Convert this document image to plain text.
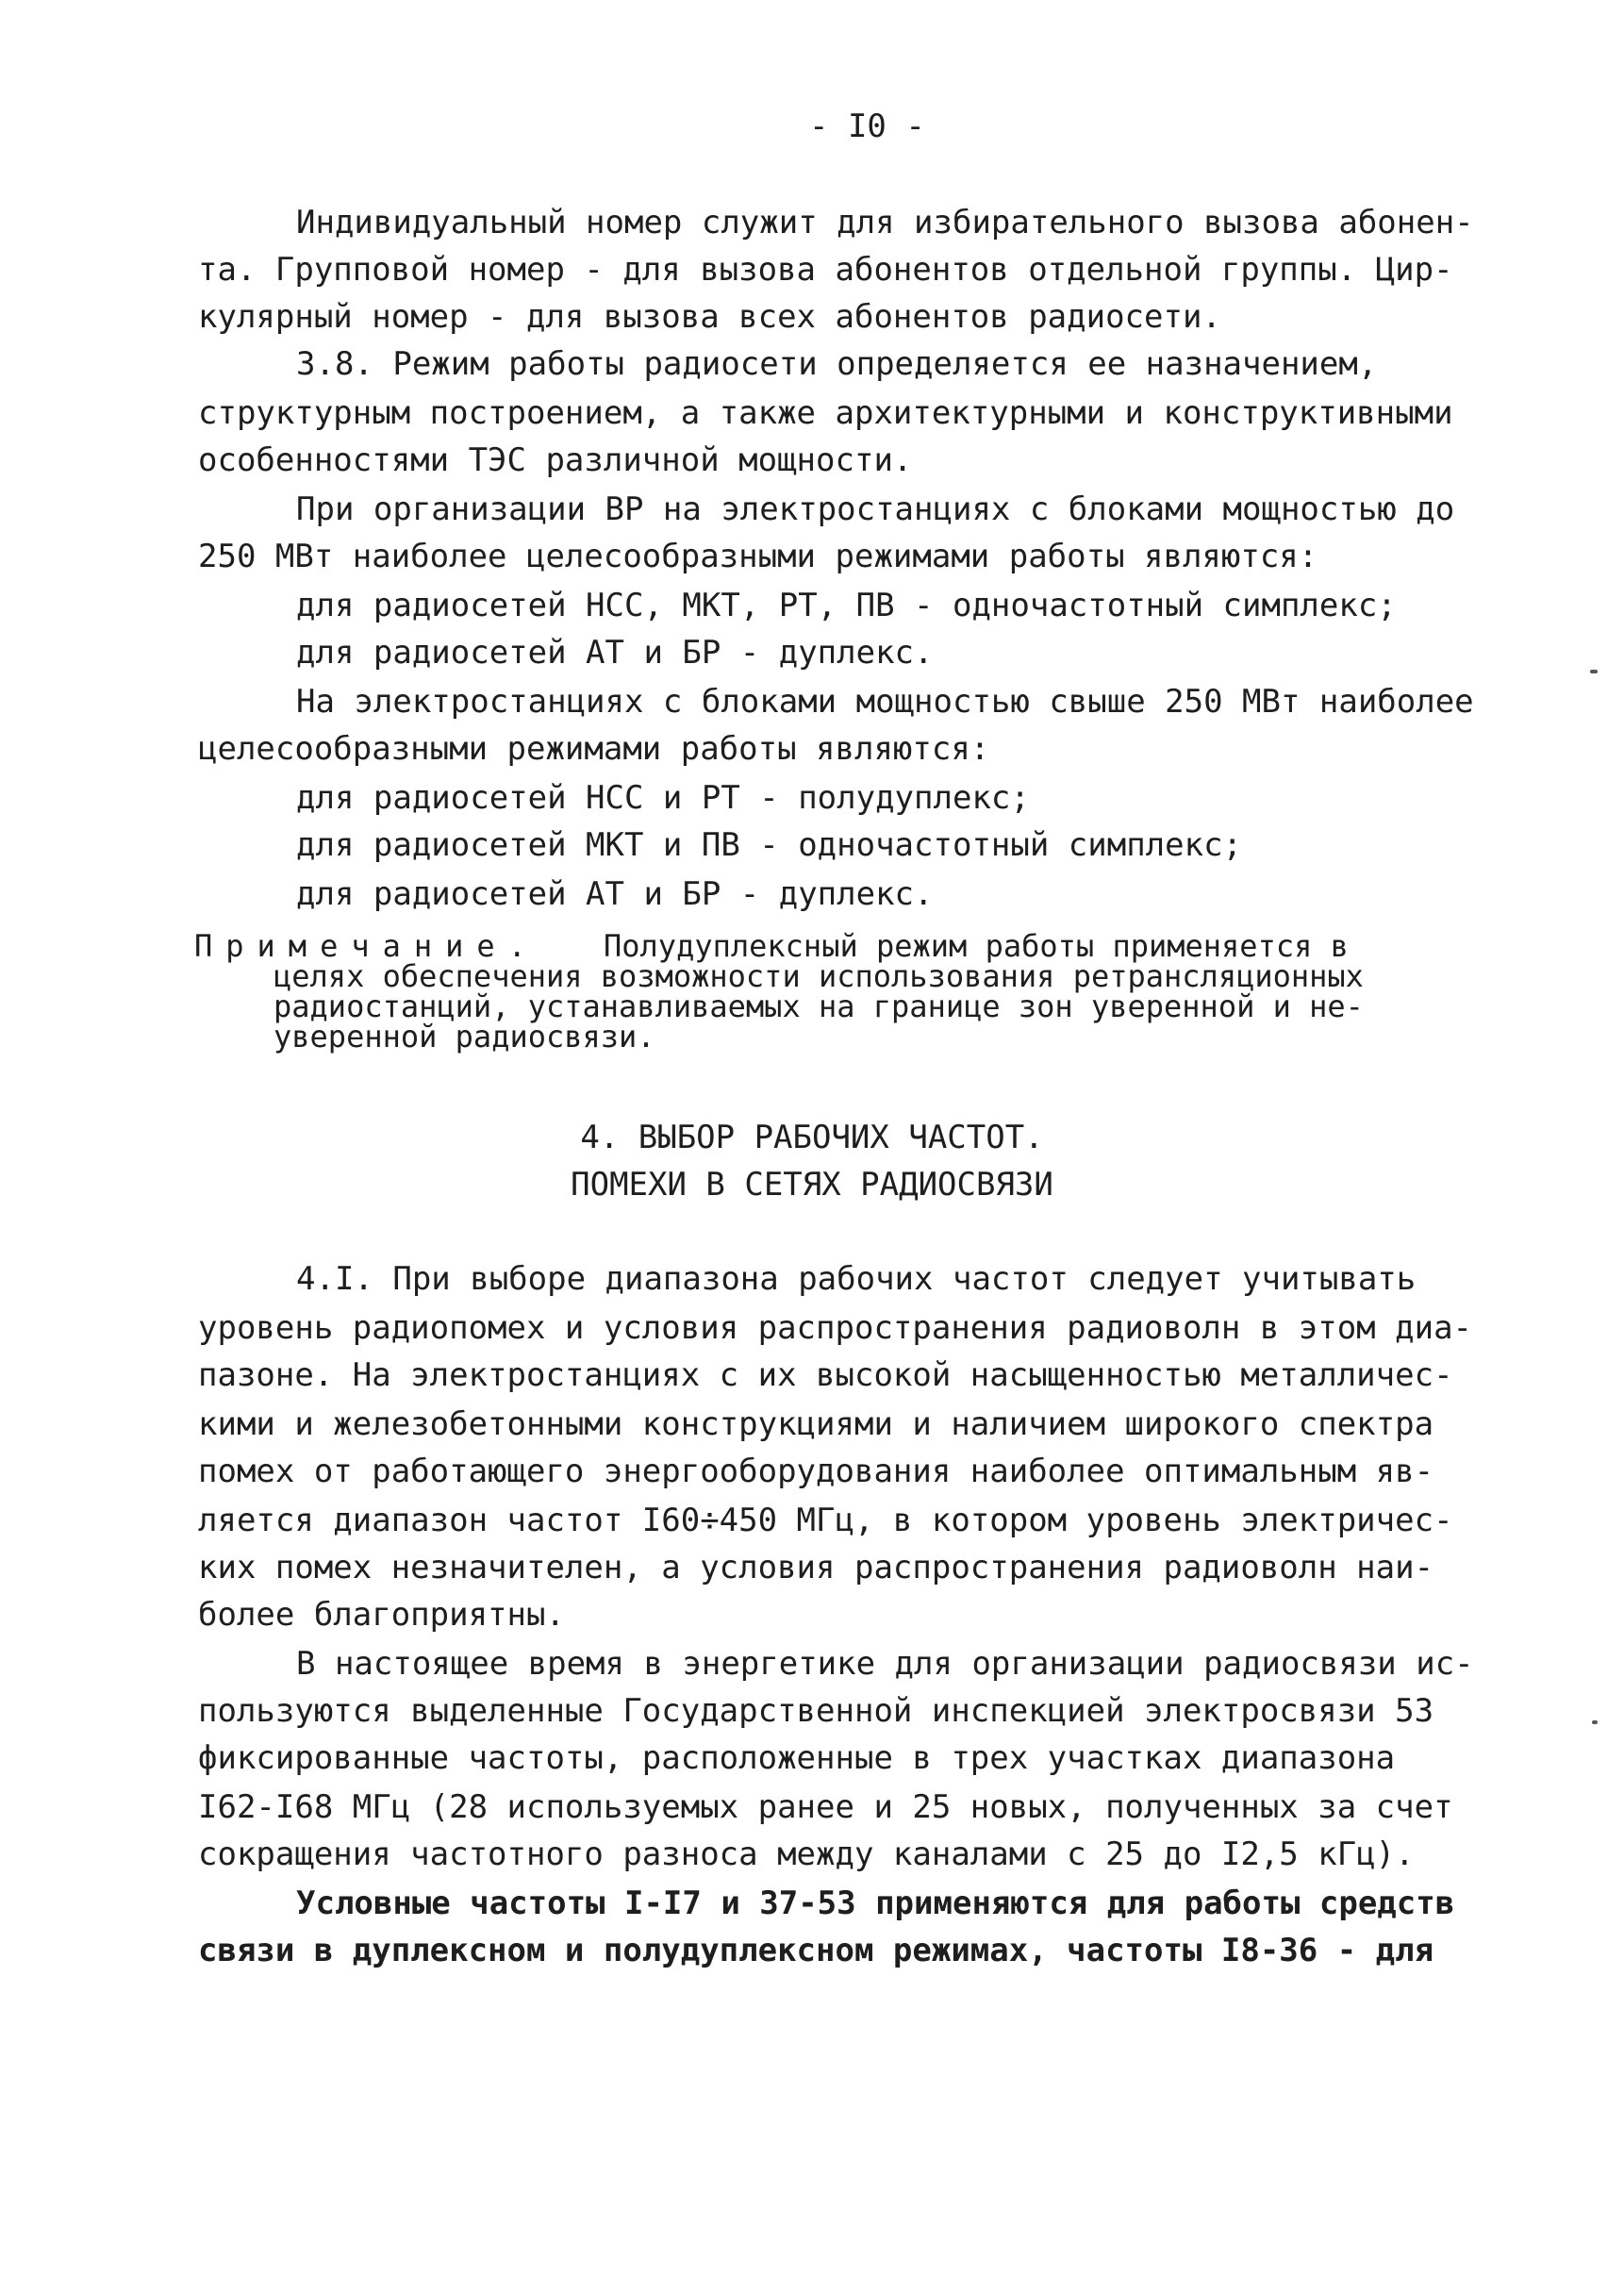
- I0 -
Индивидуальный номер служит для избирательного вызова абонен-
та. Групповой номер - для вызова абонентов отдельной группы. Цир-
кулярный номер - для вызова всех абонентов радиосети.
3.8. Режим работы радиосети определяется ее назначением,
структурным построением, а также архитектурными и конструктивными
особенностями ТЭС различной мощности.
При организации ВР на электростанциях с блоками мощностью до
250 МВт наиболее целесообразными режимами работы являются:
для радиосетей НСС, МКТ, РТ, ПВ - одночастотный симплекс;
для радиосетей АТ и БР - дуплекс.
На электростанциях с блоками мощностью свыше 250 МВт наиболее
целесообразными режимами работы являются:
для радиосетей НСС и РТ - полудуплекс;
для радиосетей МКТ и ПВ - одночастотный симплекс;
для радиосетей АТ и БР - дуплекс.
Примечание. Полудуплексный режим работы применяется в
целях обеспечения возможности использования ретрансляционных
радиостанций, устанавливаемых на границе зон уверенной и не-
уверенной радиосвязи.
4. ВЫБОР РАБОЧИХ ЧАСТОТ.
ПОМЕХИ В СЕТЯХ РАДИОСВЯЗИ
4.I. При выборе диапазона рабочих частот следует учитывать
уровень радиопомех и условия распространения радиоволн в этом диа-
пазоне. На электростанциях с их высокой насыщенностью металличес-
кими и железобетонными конструкциями и наличием широкого спектра
помех от работающего энергооборудования наиболее оптимальным яв-
ляется диапазон частот I60÷450 МГц, в котором уровень электричес-
ких помех незначителен, а условия распространения радиоволн наи-
более благоприятны.
В настоящее время в энергетике для организации радиосвязи ис-
пользуются выделенные Государственной инспекцией электросвязи 53
фиксированные частоты, расположенные в трех участках диапазона
I62-I68 МГц (28 используемых ранее и 25 новых, полученных за счет
сокращения частотного разноса между каналами с 25 до I2,5 кГц).
Условные частоты I-I7 и 37-53 применяются для работы средств
связи в дуплексном и полудуплексном режимах, частоты I8-36 - для
